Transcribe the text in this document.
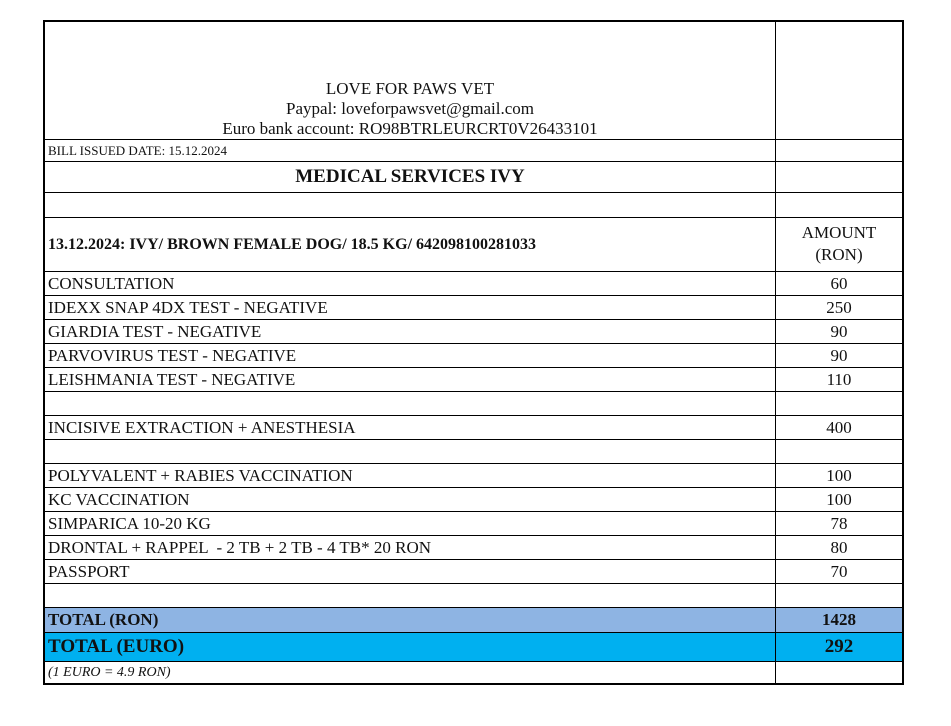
LOVE FOR PAWS VET
Paypal: loveforpawsvet@gmail.com
Euro bank account: RO98BTRLEURCRT0V26433101	

BILL ISSUED DATE: 15.12.2024	
MEDICAL SERVICES IVY	

13.12.2024: IVY/ BROWN FEMALE DOG/ 18.5 KG/ 642098100281033	AMOUNT
(RON)

CONSULTATION	60
IDEXX SNAP 4DX TEST - NEGATIVE	250
GIARDIA TEST - NEGATIVE	90
PARVOVIRUS TEST - NEGATIVE	90
LEISHMANIA TEST - NEGATIVE	110

INCISIVE EXTRACTION + ANESTHESIA	400

POLYVALENT + RABIES VACCINATION	100
KC VACCINATION	100
SIMPARICA 10-20 KG	78
DRONTAL + RAPPEL  - 2 TB + 2 TB - 4 TB* 20 RON	80
PASSPORT	70

TOTAL (RON)	1428
TOTAL (EURO)	292
(1 EURO = 4.9 RON)	
